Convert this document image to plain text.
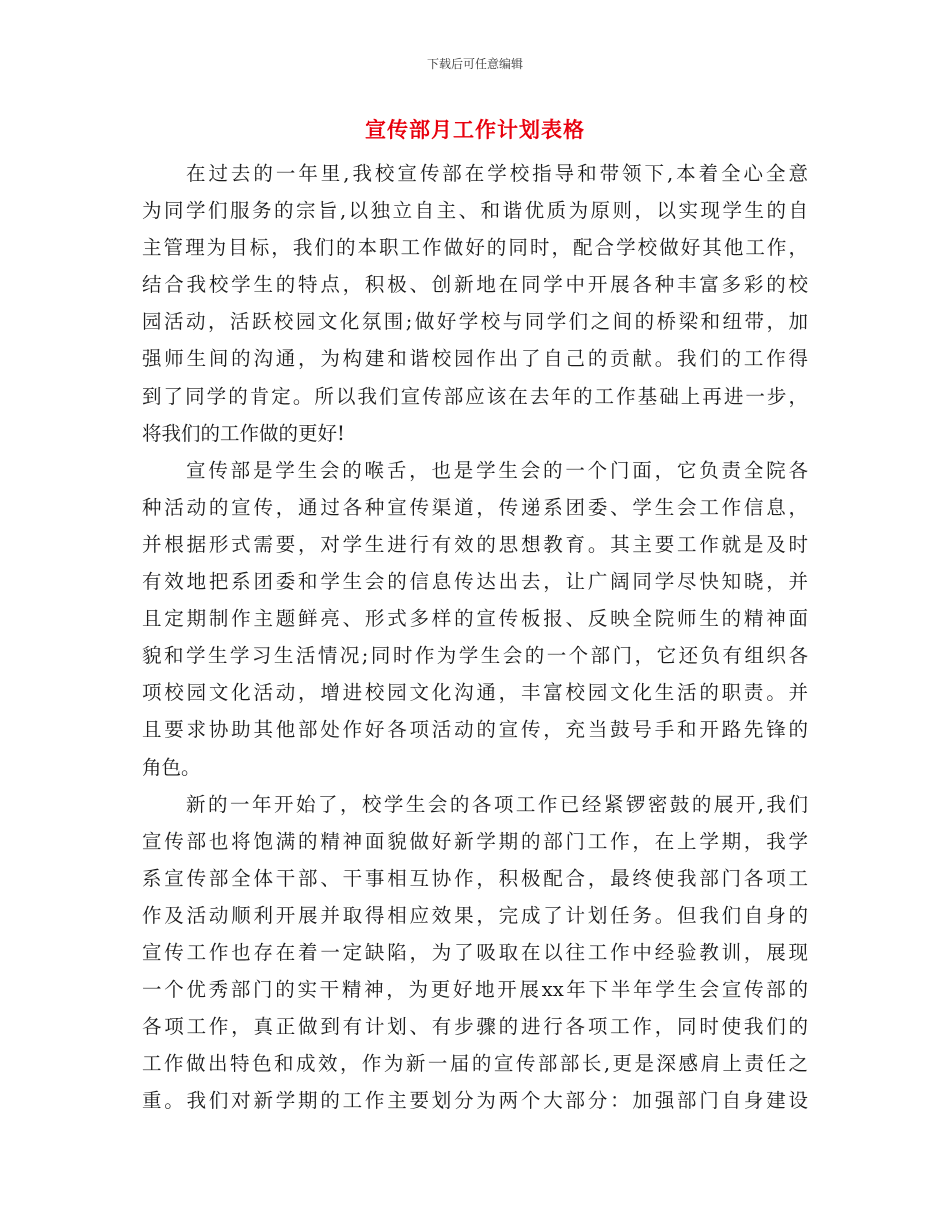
下载后可任意编辑
宣传部月工作计划表格
在过去的一年里,我校宣传部在学校指导和带领下,本着全心全意
为同学们服务的宗旨,以独立自主、和谐优质为原则，以实现学生的自
主管理为目标，我们的本职工作做好的同时，配合学校做好其他工作，
结合我校学生的特点，积极、创新地在同学中开展各种丰富多彩的校
园活动，活跃校园文化氛围;做好学校与同学们之间的桥梁和纽带，加
强师生间的沟通，为构建和谐校园作出了自己的贡献。我们的工作得
到了同学的肯定。所以我们宣传部应该在去年的工作基础上再进一步，
将我们的工作做的更好!
宣传部是学生会的喉舌，也是学生会的一个门面，它负责全院各
种活动的宣传，通过各种宣传渠道，传递系团委、学生会工作信息，
并根据形式需要，对学生进行有效的思想教育。其主要工作就是及时
有效地把系团委和学生会的信息传达出去，让广阔同学尽快知晓，并
且定期制作主题鲜亮、形式多样的宣传板报、反映全院师生的精神面
貌和学生学习生活情况;同时作为学生会的一个部门，它还负有组织各
项校园文化活动，增进校园文化沟通，丰富校园文化生活的职责。并
且要求协助其他部处作好各项活动的宣传，充当鼓号手和开路先锋的
角色。
新的一年开始了，校学生会的各项工作已经紧锣密鼓的展开,我们
宣传部也将饱满的精神面貌做好新学期的部门工作，在上学期，我学
系宣传部全体干部、干事相互协作，积极配合，最终使我部门各项工
作及活动顺利开展并取得相应效果，完成了计划任务。但我们自身的
宣传工作也存在着一定缺陷，为了吸取在以往工作中经验教训，展现
一个优秀部门的实干精神，为更好地开展xx年下半年学生会宣传部的
各项工作，真正做到有计划、有步骤的进行各项工作，同时使我们的
工作做出特色和成效，作为新一届的宣传部部长,更是深感肩上责任之
重。我们对新学期的工作主要划分为两个大部分：加强部门自身建设
